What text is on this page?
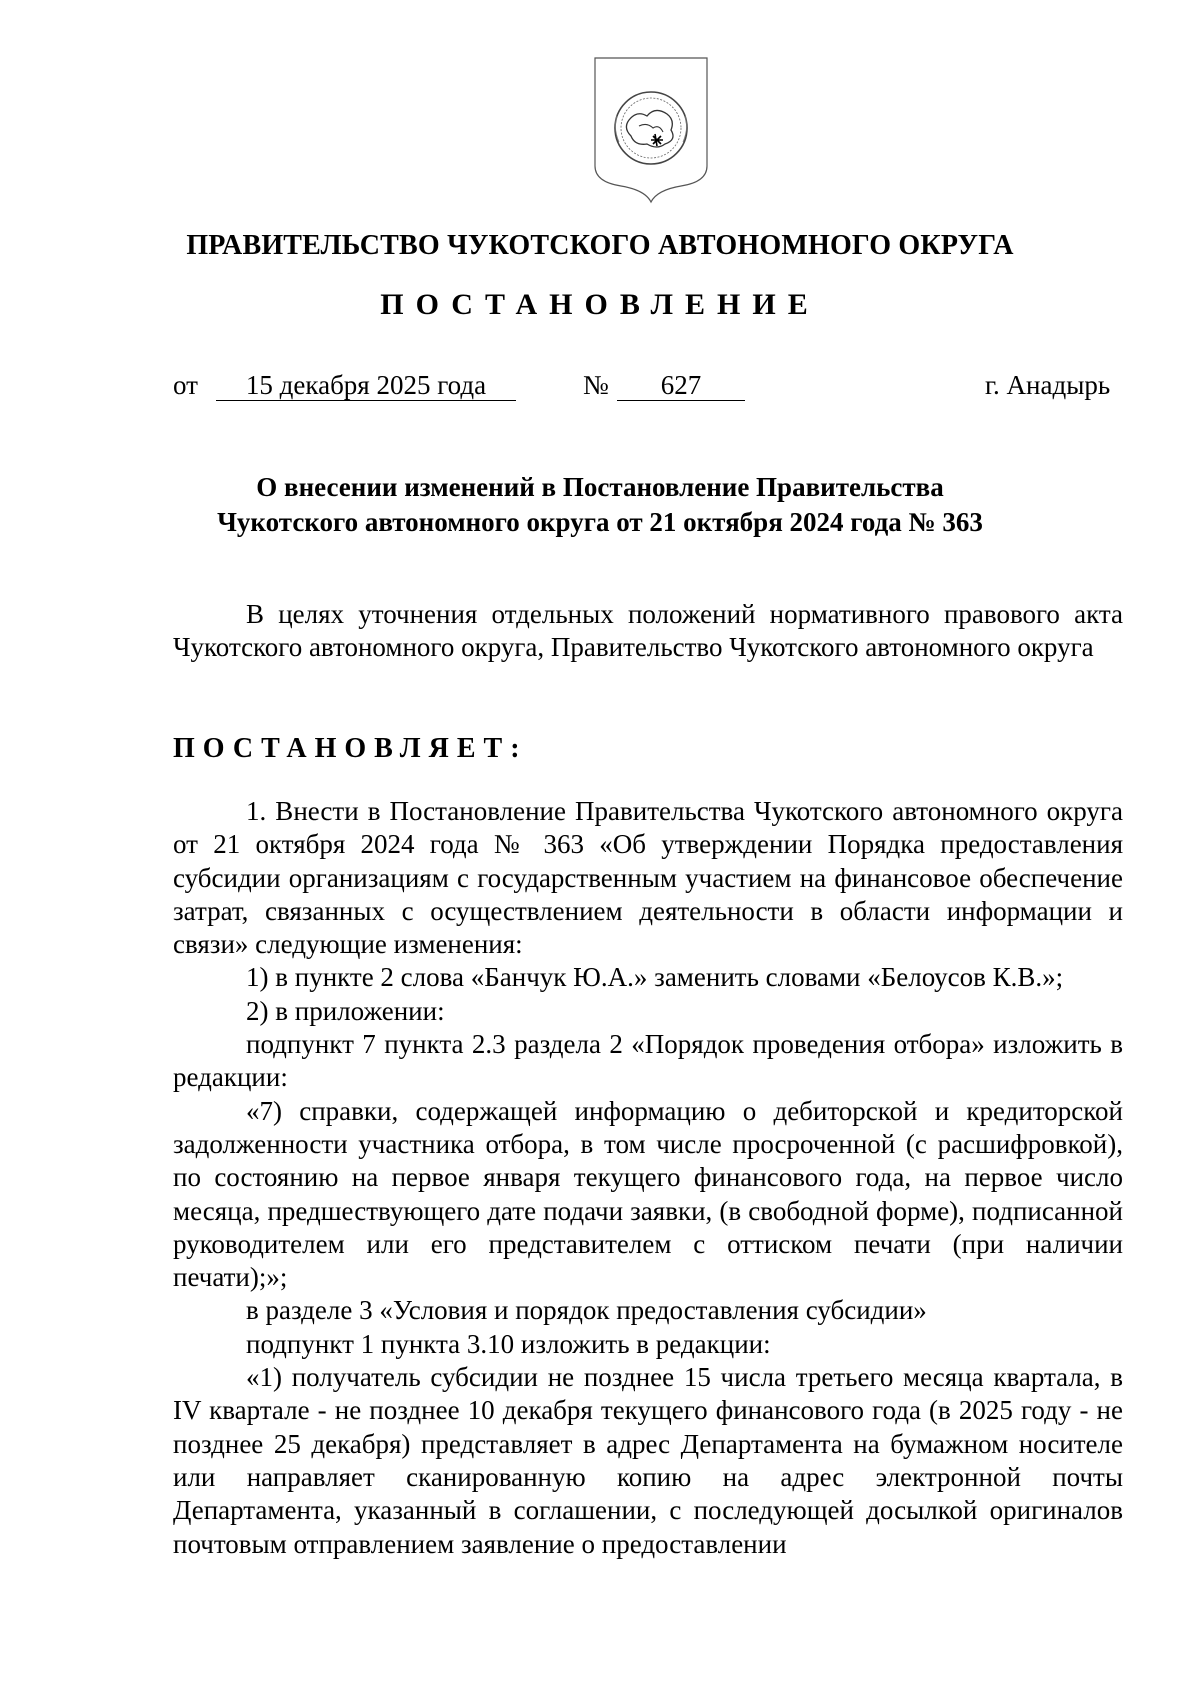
ПРАВИТЕЛЬСТВО ЧУКОТСКОГО АВТОНОМНОГО ОКРУГА
ПОСТАНОВЛЕНИЕ
от	15 декабря 2025 года	№	627	г. Анадырь
О внесении изменений в Постановление Правительства
Чукотского автономного округа от 21 октября 2024 года № 363

В целях уточнения отдельных положений нормативного правового акта Чукотского автономного округа, Правительство Чукотского автономного округа

ПОСТАНОВЛЯЕТ:

1. Внести в Постановление Правительства Чукотского автономного округа от 21 октября 2024 года № 363 «Об утверждении Порядка предоставления субсидии организациям с государственным участием на финансовое обеспечение затрат, связанных с осуществлением деятельности в области информации и связи» следующие изменения:

1) в пункте 2 слова «Банчук Ю.А.» заменить словами «Белоусов К.В.»;

2) в приложении:

подпункт 7 пункта 2.3 раздела 2 «Порядок проведения отбора» изложить в редакции:

«7) справки, содержащей информацию о дебиторской и кредиторской задолженности участника отбора, в том числе просроченной (с расшифровкой), по состоянию на первое января текущего финансового года, на первое число месяца, предшествующего дате подачи заявки, (в свободной форме), подписанной руководителем или его представителем с оттиском печати (при наличии печати);»;

в разделе 3 «Условия и порядок предоставления субсидии»

подпункт 1 пункта 3.10 изложить в редакции:

«1) получатель субсидии не позднее 15 числа третьего месяца квартала, в IV квартале - не позднее 10 декабря текущего финансового года (в 2025 году - не позднее 25 декабря) представляет в адрес Департамента на бумажном носителе или направляет сканированную копию на адрес электронной почты Департамента, указанный в соглашении, с последующей досылкой оригиналов почтовым отправлением заявление о предоставлении
